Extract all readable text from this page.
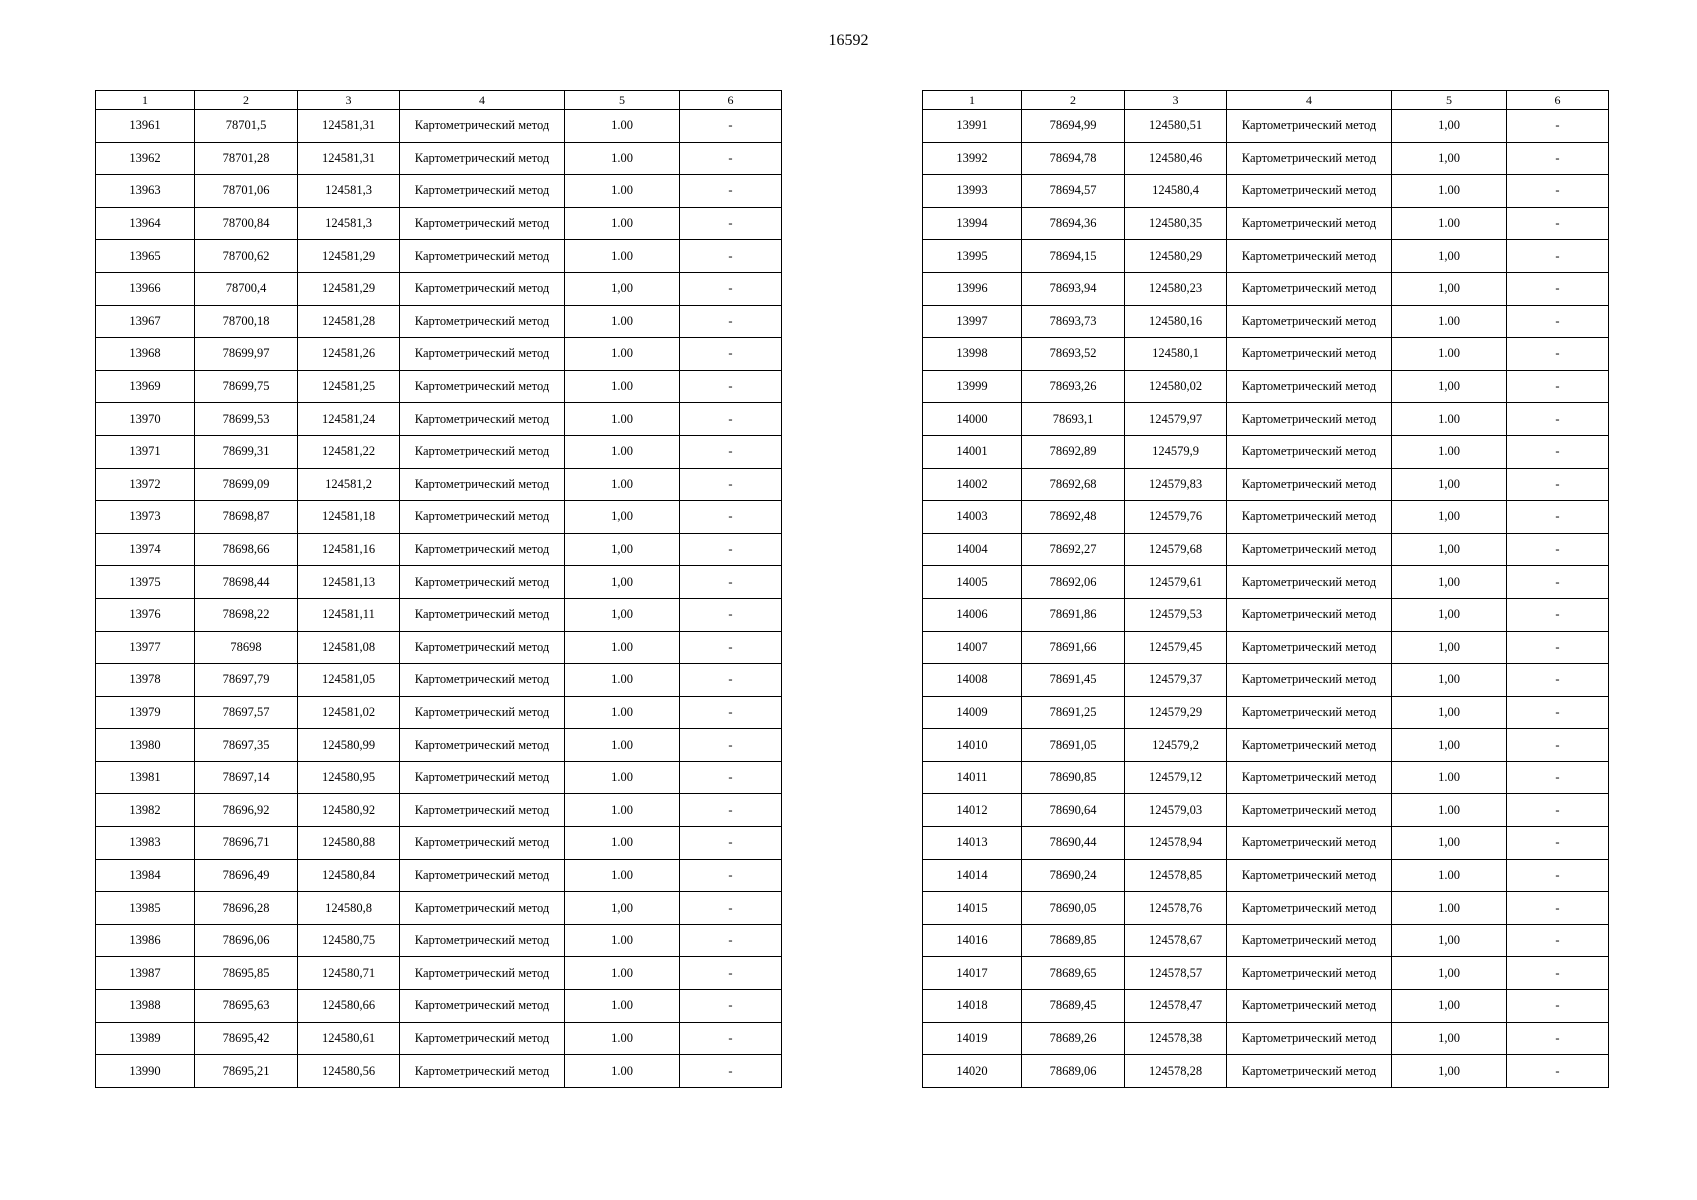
16592
1	2	3	4	5	6
13961	78701,5	124581,31	Картометрический метод	1.00	-
13962	78701,28	124581,31	Картометрический метод	1.00	-
13963	78701,06	124581,3	Картометрический метод	1.00	-
13964	78700,84	124581,3	Картометрический метод	1.00	-
13965	78700,62	124581,29	Картометрический метод	1.00	-
13966	78700,4	124581,29	Картометрический метод	1,00	-
13967	78700,18	124581,28	Картометрический метод	1.00	-
13968	78699,97	124581,26	Картометрический метод	1.00	-
13969	78699,75	124581,25	Картометрический метод	1.00	-
13970	78699,53	124581,24	Картометрический метод	1.00	-
13971	78699,31	124581,22	Картометрический метод	1.00	-
13972	78699,09	124581,2	Картометрический метод	1.00	-
13973	78698,87	124581,18	Картометрический метод	1,00	-
13974	78698,66	124581,16	Картометрический метод	1,00	-
13975	78698,44	124581,13	Картометрический метод	1,00	-
13976	78698,22	124581,11	Картометрический метод	1,00	-
13977	78698	124581,08	Картометрический метод	1.00	-
13978	78697,79	124581,05	Картометрический метод	1.00	-
13979	78697,57	124581,02	Картометрический метод	1.00	-
13980	78697,35	124580,99	Картометрический метод	1.00	-
13981	78697,14	124580,95	Картометрический метод	1.00	-
13982	78696,92	124580,92	Картометрический метод	1.00	-
13983	78696,71	124580,88	Картометрический метод	1.00	-
13984	78696,49	124580,84	Картометрический метод	1.00	-
13985	78696,28	124580,8	Картометрический метод	1,00	-
13986	78696,06	124580,75	Картометрический метод	1.00	-
13987	78695,85	124580,71	Картометрический метод	1.00	-
13988	78695,63	124580,66	Картометрический метод	1.00	-
13989	78695,42	124580,61	Картометрический метод	1.00	-
13990	78695,21	124580,56	Картометрический метод	1.00	-
1	2	3	4	5	6
13991	78694,99	124580,51	Картометрический метод	1,00	-
13992	78694,78	124580,46	Картометрический метод	1,00	-
13993	78694,57	124580,4	Картометрический метод	1.00	-
13994	78694,36	124580,35	Картометрический метод	1.00	-
13995	78694,15	124580,29	Картометрический метод	1,00	-
13996	78693,94	124580,23	Картометрический метод	1,00	-
13997	78693,73	124580,16	Картометрический метод	1.00	-
13998	78693,52	124580,1	Картометрический метод	1.00	-
13999	78693,26	124580,02	Картометрический метод	1,00	-
14000	78693,1	124579,97	Картометрический метод	1.00	-
14001	78692,89	124579,9	Картометрический метод	1.00	-
14002	78692,68	124579,83	Картометрический метод	1,00	-
14003	78692,48	124579,76	Картометрический метод	1,00	-
14004	78692,27	124579,68	Картометрический метод	1,00	-
14005	78692,06	124579,61	Картометрический метод	1,00	-
14006	78691,86	124579,53	Картометрический метод	1,00	-
14007	78691,66	124579,45	Картометрический метод	1,00	-
14008	78691,45	124579,37	Картометрический метод	1,00	-
14009	78691,25	124579,29	Картометрический метод	1,00	-
14010	78691,05	124579,2	Картометрический метод	1,00	-
14011	78690,85	124579,12	Картометрический метод	1.00	-
14012	78690,64	124579,03	Картометрический метод	1.00	-
14013	78690,44	124578,94	Картометрический метод	1,00	-
14014	78690,24	124578,85	Картометрический метод	1.00	-
14015	78690,05	124578,76	Картометрический метод	1.00	-
14016	78689,85	124578,67	Картометрический метод	1,00	-
14017	78689,65	124578,57	Картометрический метод	1,00	-
14018	78689,45	124578,47	Картометрический метод	1,00	-
14019	78689,26	124578,38	Картометрический метод	1,00	-
14020	78689,06	124578,28	Картометрический метод	1,00	-
